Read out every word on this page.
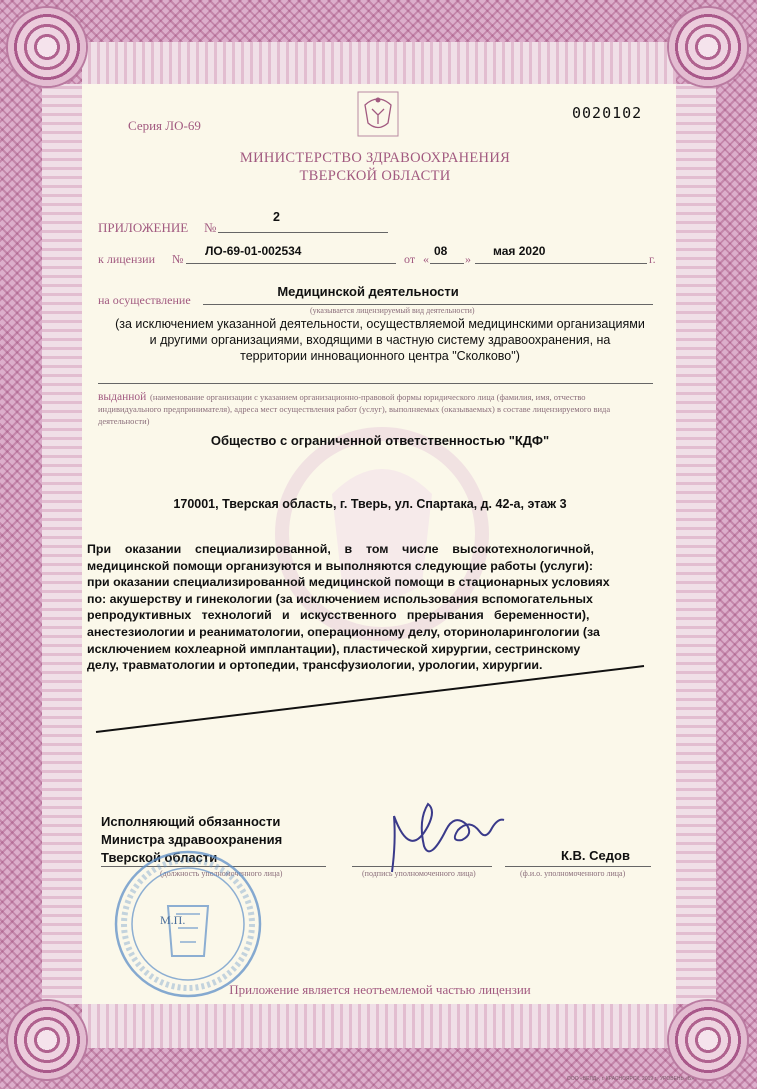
Серия ЛО-69
0020102
МИНИСТЕРСТВО ЗДРАВООХРАНЕНИЯ
ТВЕРСКОЙ ОБЛАСТИ
ПРИЛОЖЕНИЕ №
2
к лицензии №
ЛО-69-01-002534
от «
08
»
мая 2020
г.
на осуществление
Медицинской деятельности
(указывается лицензируемый вид деятельности)
(за исключением указанной деятельности, осуществляемой медицинскими организациями
и другими организациями, входящими в частную систему здравоохранения, на
территории инновационного центра "Сколково")
выданной (наименование организации с указанием организационно-правовой формы юридического лица (фамилия, имя, отчество
индивидуального предпринимателя), адреса мест осуществления работ (услуг), выполняемых (оказываемых) в составе лицензируемого вида
деятельности)
Общество с ограниченной ответственностью "КДФ"
170001, Тверская область, г. Тверь, ул. Спартака, д. 42-а, этаж 3
При    оказании    специализированной,    в    том    числе    высокотехнологичной,
медицинской помощи организуются и выполняются следующие работы (услуги):
при оказании специализированной медицинской помощи в стационарных условиях
по: акушерству и гинекологии (за исключением использования вспомогательных
репродуктивных   технологий   и   искусственного   прерывания   беременности),
анестезиологии и реаниматологии, операционному делу, оториноларингологии (за
исключением кохлеарной имплантации), пластической хирургии, сестринскому
делу, травматологии и ортопедии, трансфузиологии, урологии, хирургии.
Исполняющий обязанности
Министра здравоохранения
Тверской области
(должность уполномоченного лица)	(подпись уполномоченного лица)
К.В. Седов
(ф.и.о. уполномоченного лица)
М.П.
Приложение является неотъемлемой частью лицензии
ООО «ВЕЛД», г. КРАСНОЯРСК, 2019 г., УРОВЕНЬ «Б»
